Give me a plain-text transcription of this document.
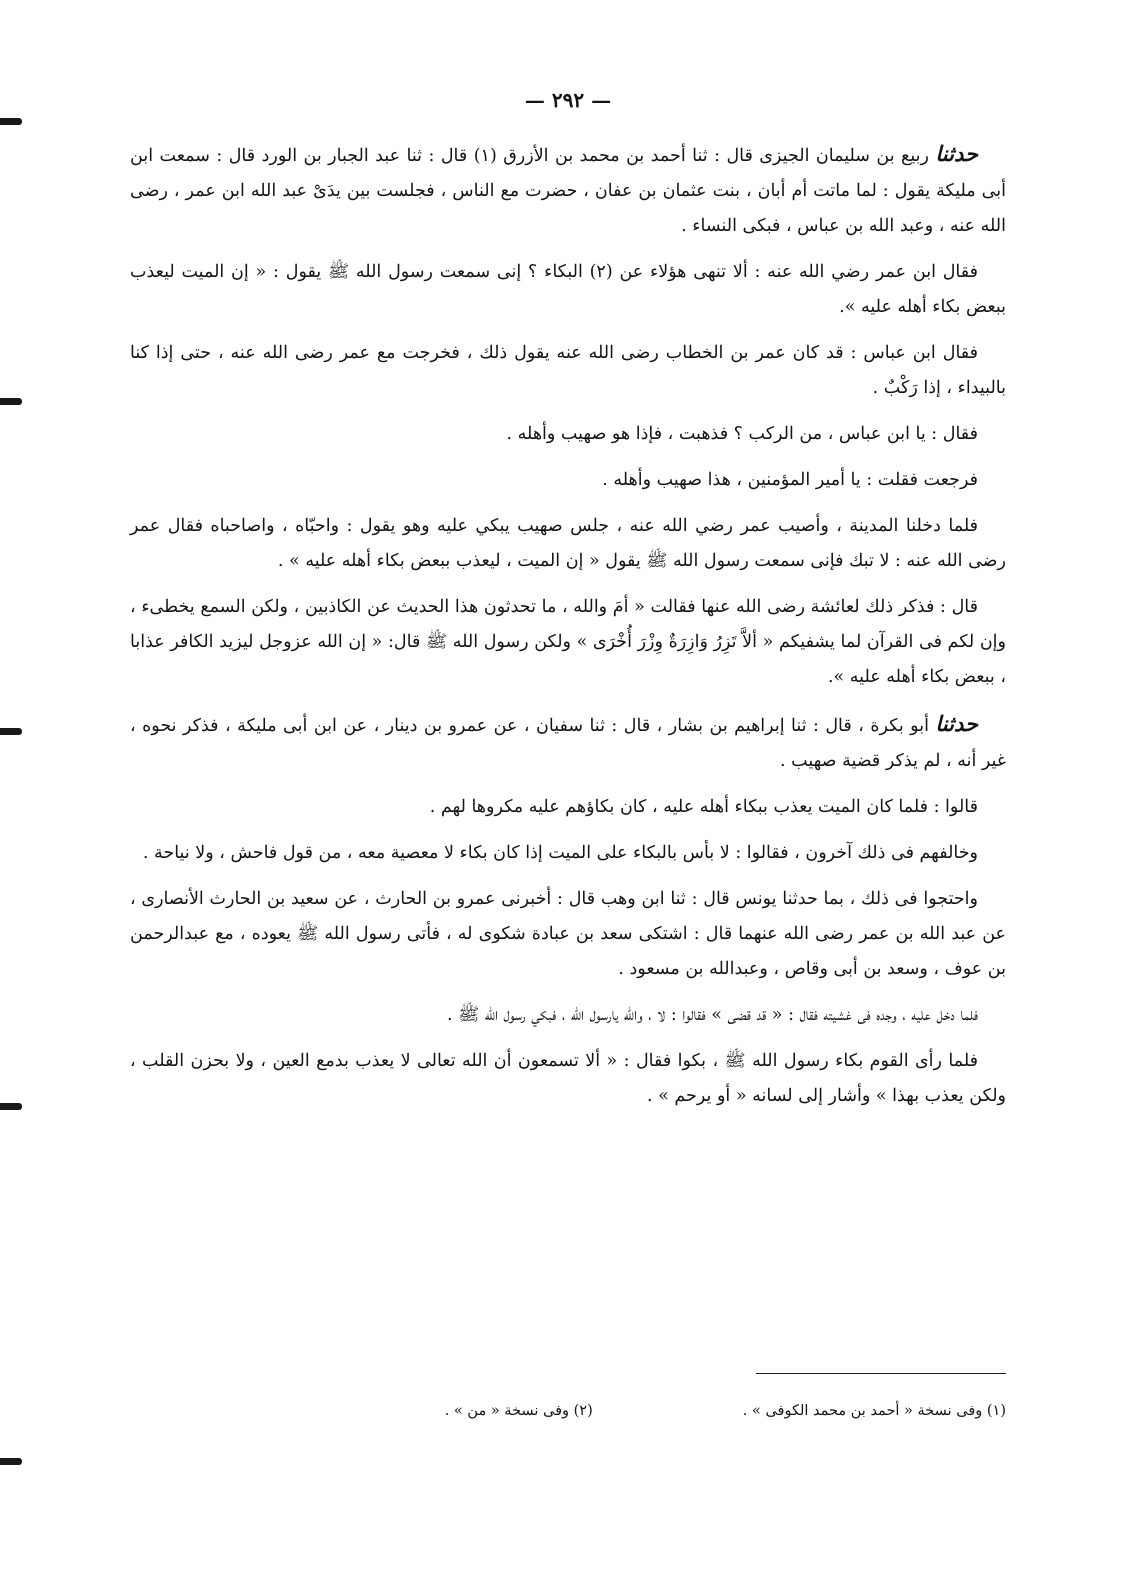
— ٢٩٢ —

حدثنا ربيع بن سليمان الجيزى قال : ثنا أحمد بن محمد بن الأزرق (١) قال : ثنا عبد الجبار بن الورد قال : سمعت ابن أبى مليكة يقول : لما ماتت أم أبان ، بنت عثمان بن عفان ، حضرت مع الناس ، فجلست بين يدَىْ عبد الله ابن عمر ، رضى الله عنه ، وعبد الله بن عباس ، فبكى النساء .

فقال ابن عمر رضي الله عنه : ألا تنهى هؤلاء عن (٢) البكاء ؟ إنى سمعت رسول الله ﷺ يقول : « إن الميت ليعذب ببعض بكاء أهله عليه ».

فقال ابن عباس : قد كان عمر بن الخطاب رضى الله عنه يقول ذلك ، فخرجت مع عمر رضى الله عنه ، حتى إذا كنا بالبيداء ، إذا رَكْبٌ .

فقال : يا ابن عباس ، من الركب ؟ فذهبت ، فإذا هو صهيب وأهله .

فرجعت فقلت : يا أمير المؤمنين ، هذا صهيب وأهله .

فلما دخلنا المدينة ، وأصيب عمر رضي الله عنه ، جلس صهيب يبكي عليه وهو يقول : واحبّاه ، واصاحباه فقال عمر رضى الله عنه : لا تبك فإنى سمعت رسول الله ﷺ يقول « إن الميت ، ليعذب ببعض بكاء أهله عليه » .

قال : فذكر ذلك لعائشة رضى الله عنها فقالت « أمَ والله ، ما تحدثون هذا الحديث عن الكاذبين ، ولكن السمع يخطىء ، وإن لكم فى القرآن لما يشفيكم « ألاَّ تَزِرُ وَازِرَةٌ وِزْرَ أُخْرَى » ولكن رسول الله ﷺ قال: « إن الله عزوجل ليزيد الكافر عذابا ، ببعض بكاء أهله عليه ».

حدثنا أبو بكرة ، قال : ثنا إبراهيم بن بشار ، قال : ثنا سفيان ، عن عمرو بن دينار ، عن ابن أبى مليكة ، فذكر نحوه ، غير أنه ، لم يذكر قضية صهيب .

قالوا : فلما كان الميت يعذب ببكاء أهله عليه ، كان بكاؤهم عليه مكروها لهم .

وخالفهم فى ذلك آخرون ، فقالوا : لا بأس بالبكاء على الميت إذا كان بكاء لا معصية معه ، من قول فاحش ، ولا نياحة .

واحتجوا فى ذلك ، بما حدثنا يونس قال : ثنا ابن وهب قال : أخبرنى عمرو بن الحارث ، عن سعيد بن الحارث الأنصارى ، عن عبد الله بن عمر رضى الله عنهما قال : اشتكى سعد بن عبادة شكوى له ، فأتى رسول الله ﷺ يعوده ، مع عبدالرحمن بن عوف ، وسعد بن أبى وقاص ، وعبدالله بن مسعود .

فلما دخل عليه ، وجده فى غشيته فقال : « قد قضى » فقالوا : لا ، والله يارسول الله ، فبكي رسول الله ﷺ .

فلما رأى القوم بكاء رسول الله ﷺ ، بكوا فقال : « ألا تسمعون أن الله تعالى لا يعذب بدمع العين ، ولا بحزن القلب ، ولكن يعذب بهذا » وأشار إلى لسانه « أو يرحم » .

(١) وفى نسخة « أحمد بن محمد الكوفى » .
(٢) وفى نسخة « من » .
